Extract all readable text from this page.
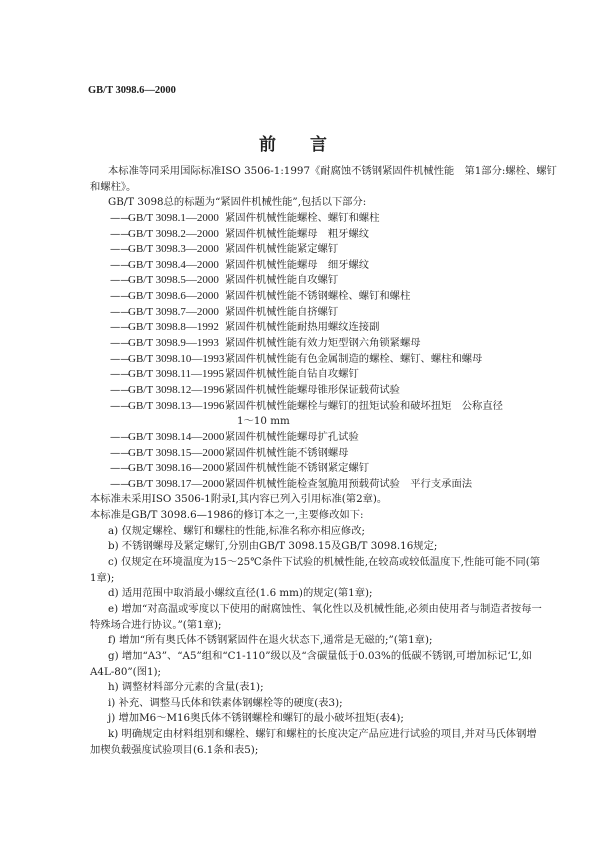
GB/T 3098.6—2000
前 言
本标准等同采用国际标准ISO 3506-1:1997《耐腐蚀不锈钢紧固件机械性能　第1部分:螺栓、螺钉
和螺柱》。
GB/T 3098总的标题为“紧固件机械性能”,包括以下部分:
——
GB/T 3098.1—2000 紧固件机械性能 螺栓、螺钉和螺柱
——
GB/T 3098.2—2000 紧固件机械性能 螺母　粗牙螺纹
——
GB/T 3098.3—2000 紧固件机械性能 紧定螺钉
——
GB/T 3098.4—2000 紧固件机械性能 螺母　细牙螺纹
——
GB/T 3098.5—2000 紧固件机械性能 自攻螺钉
——
GB/T 3098.6—2000 紧固件机械性能 不锈钢螺栓、螺钉和螺柱
——
GB/T 3098.7—2000 紧固件机械性能 自挤螺钉
——
GB/T 3098.8—1992 紧固件机械性能 耐热用螺纹连接副
——
GB/T 3098.9—1993 紧固件机械性能 有效力矩型钢六角锁紧螺母
——
GB/T 3098.10—1993 紧固件机械性能 有色金属制造的螺栓、螺钉、螺柱和螺母
——
GB/T 3098.11—1995 紧固件机械性能 自钻自攻螺钉
——
GB/T 3098.12—1996 紧固件机械性能 螺母锥形保证载荷试验
——
GB/T 3098.13—1996 紧固件机械性能 螺栓与螺钉的扭矩试验和破坏扭矩　公称直径
1～10 mm
——
GB/T 3098.14—2000 紧固件机械性能 螺母扩孔试验
——
GB/T 3098.15—2000 紧固件机械性能 不锈钢螺母
——
GB/T 3098.16—2000 紧固件机械性能 不锈钢紧定螺钉
——
GB/T 3098.17—2000 紧固件机械性能 检查氢脆用预载荷试验　平行支承面法
本标准未采用ISO 3506-1附录I,其内容已列入引用标准(第2章)。
本标准是GB/T 3098.6—1986的修订本之一,主要修改如下:
a) 仅规定螺栓、螺钉和螺柱的性能,标准名称亦相应修改;
b) 不锈钢螺母及紧定螺钉,分别由GB/T 3098.15及GB/T 3098.16规定;
c) 仅规定在环境温度为15～25℃条件下试验的机械性能,在较高或较低温度下,性能可能不同(第
1章);
d) 适用范围中取消最小螺纹直径(1.6 mm)的规定(第1章);
e) 增加“对高温或零度以下使用的耐腐蚀性、氧化性以及机械性能,必须由使用者与制造者按每一
特殊场合进行协议。”(第1章);
f) 增加“所有奥氏体不锈钢紧固件在退火状态下,通常是无磁的;”(第1章);
g) 增加“A3”、“A5”组和“C1-110”级以及“含碳量低于0.03%的低碳不锈钢,可增加标记‘L’,如
A4L-80”(图1);
h) 调整材料部分元素的含量(表1);
i) 补充、调整马氏体和铁素体钢螺栓等的硬度(表3);
j) 增加M6～M16奥氏体不锈钢螺栓和螺钉的最小破坏扭矩(表4);
k) 明确规定由材料组别和螺栓、螺钉和螺柱的长度决定产品应进行试验的项目,并对马氏体钢增
加楔负载强度试验项目(6.1条和表5);
